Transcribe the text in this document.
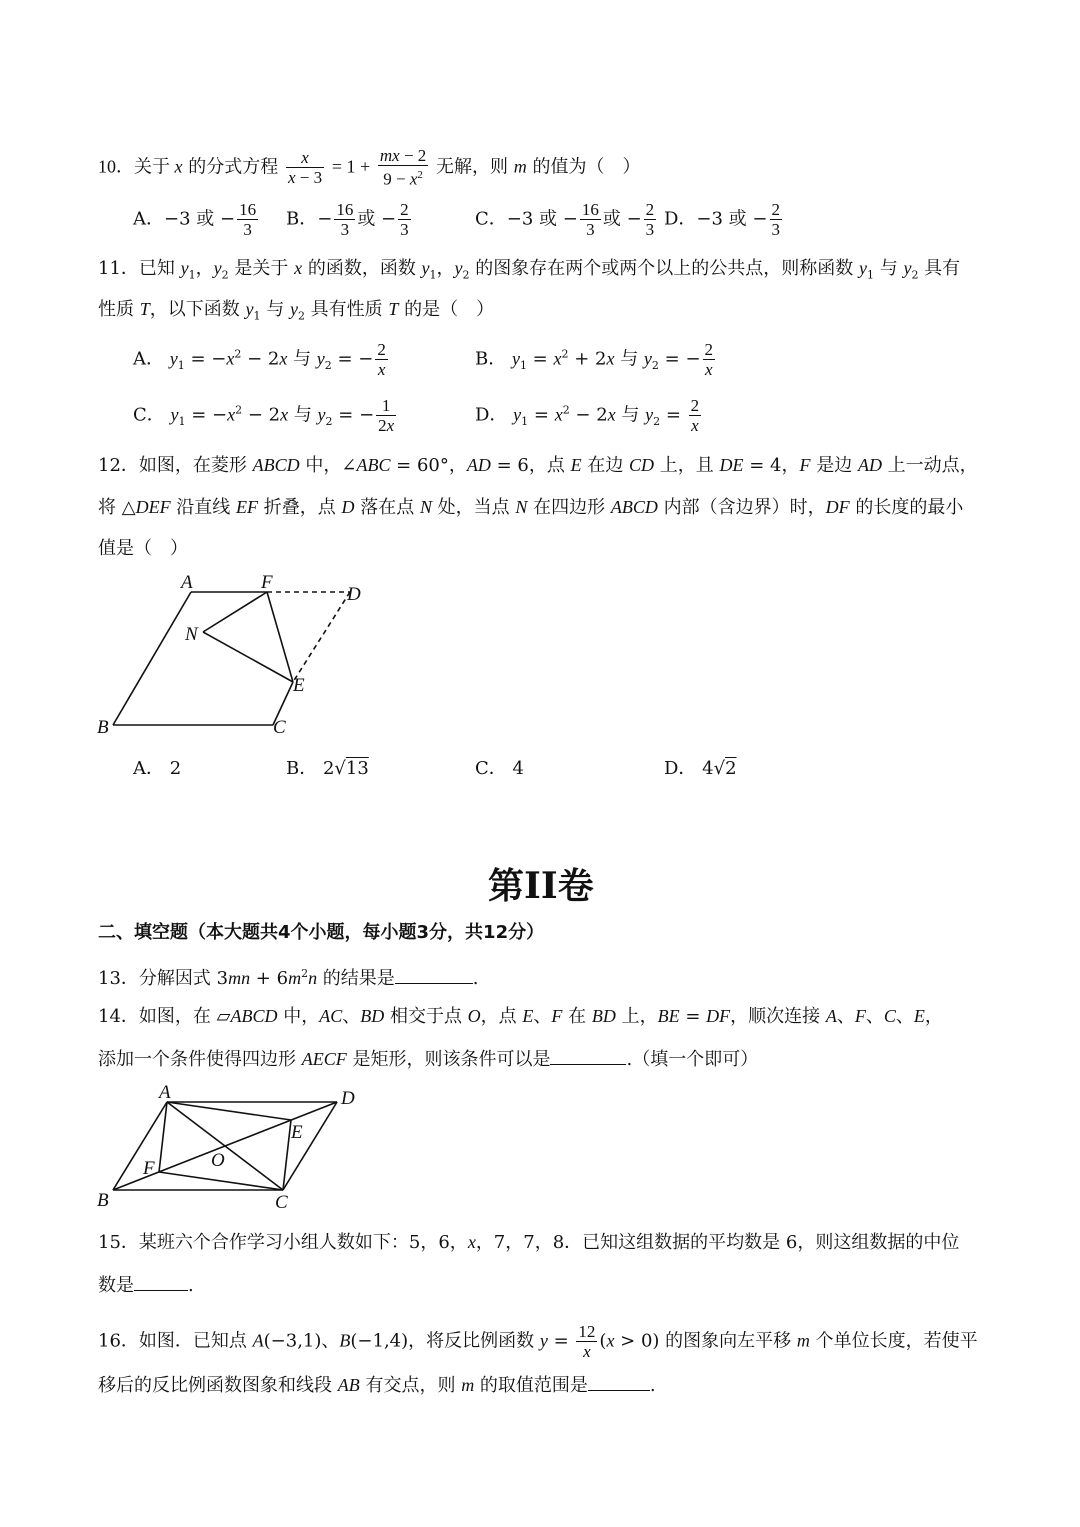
10．关于 x 的分式方程 $\frac{x}{x - 3} = 1 + \frac{mx - 2}{9 - x^2}$ 无解，则 m 的值为（　）
A．−3 或 − $\frac{16}{3}$ B．− $\frac{16}{3}$ 或 − $\frac{2}{3}$	C．−3 或 − $\frac{16}{3}$ 或 − $\frac{2}{3}$ D．−3 或 − $\frac{2}{3}$
11．已知 $y_1$，$y_2$ 是关于 x 的函数，函数 $y_1$，$y_2$ 的图象存在两个或两个以上的公共点，则称函数 $y_1$ 与 $y_2$ 具有
性质 T，以下函数 $y_1$ 与 $y_2$ 具有性质 T 的是（　）
A． $y_1 = -x^2 - 2x$ 与 $y_2$ = − $\frac{2}{x}$	B． $y_1 = x^2 + 2x$ 与 $y_2$ = − $\frac{2}{x}$
C． $y_1 = -x^2 - 2x$ 与 $y_2$ = − $\frac{1}{2x}$	D． $y_1 = x^2 - 2x$ 与 $y_2 = \frac{2}{x}$
12．如图，在菱形 ABCD 中，∠ABC = 60°，AD = 6，点 E 在边 CD 上，且 DE = 4，F 是边 AD 上一动点，
将 △DEF 沿直线 EF 折叠，点 D 落在点 N 处，当点 N 在四边形 ABCD 内部（含边界）时，DF 的长度的最小
值是（　）
A	F
D
N
E
B	C
A． 2	B． 2√13	C． 4	D． 4√2
第II卷
二、填空题（本大题共4个小题，每小题3分，共12分）
13．分解因式 $3mn + 6m^2n$ 的结果是	.
14．如图，在 ▱ABCD 中，AC、BD 相交于点 O，点 E、F 在 BD 上，BE = DF，顺次连接 A、F、C、E，
添加一个条件使得四边形 AECF 是矩形，则该条件可以是	.（填一个即可）
A	D
E
O
F
B	C
15．某班六个合作学习小组人数如下：5，6，x，7，7，8．已知这组数据的平均数是 6，则这组数据的中位
数是	.
16．如图．已知点 A(−3,1)、B(−1,4)，将反比例函数 $y = \frac{12}{x} (x > 0)$ 的图象向左平移 m 个单位长度，若使平
移后的反比例函数图象和线段 AB 有交点，则 m 的取值范围是	.
